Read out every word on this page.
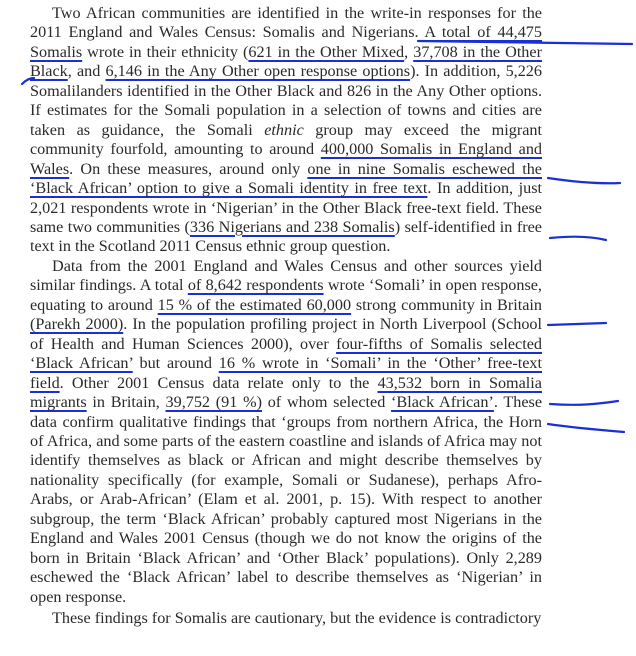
Two African communities are identified in the write-in responses for the 2011 England and Wales Census: Somalis and Nigerians. A total of 44,475 Somalis wrote in their ethnicity (621 in the Other Mixed, 37,708 in the Other Black, and 6,146 in the Any Other open response options). In addition, 5,226 Somalilanders identified in the Other Black and 826 in the Any Other options. If estimates for the Somali population in a selection of towns and cities are taken as guidance, the Somali ethnic group may exceed the migrant community fourfold, amounting to around 400,000 Somalis in England and Wales. On these measures, around only one in nine Somalis eschewed the ‘Black African’ option to give a Somali identity in free text. In addition, just 2,021 respondents wrote in ‘Nigerian’ in the Other Black free-text field. These same two communities (336 Nigerians and 238 Somalis) self-identified in free text in the Scotland 2011 Census ethnic group question.

Data from the 2001 England and Wales Census and other sources yield similar findings. A total of 8,642 respondents wrote ‘Somali’ in open response, equating to around 15 % of the estimated 60,000 strong community in Britain (Parekh 2000). In the population profiling project in North Liverpool (School of Health and Human Sciences 2000), over four-fifths of Somalis selected ‘Black African’ but around 16 % wrote in ‘Somali’ in the ‘Other’ free-text field. Other 2001 Census data relate only to the 43,532 born in Somalia migrants in Britain, 39,752 (91 %) of whom selected ‘Black African’. These data confirm qualitative findings that ‘groups from northern Africa, the Horn of Africa, and some parts of the eastern coastline and islands of Africa may not identify themselves as black or African and might describe themselves by nationality specifically (for example, Somali or Sudanese), perhaps Afro-Arabs, or Arab-African’ (Elam et al. 2001, p. 15). With respect to another subgroup, the term ‘Black African’ probably captured most Nigerians in the England and Wales 2001 Census (though we do not know the origins of the born in Britain ‘Black African’ and ‘Other Black’ populations). Only 2,289 eschewed the ‘Black African’ label to describe themselves as ‘Nigerian’ in open response.

These findings for Somalis are cautionary, but the evidence is contradictory
